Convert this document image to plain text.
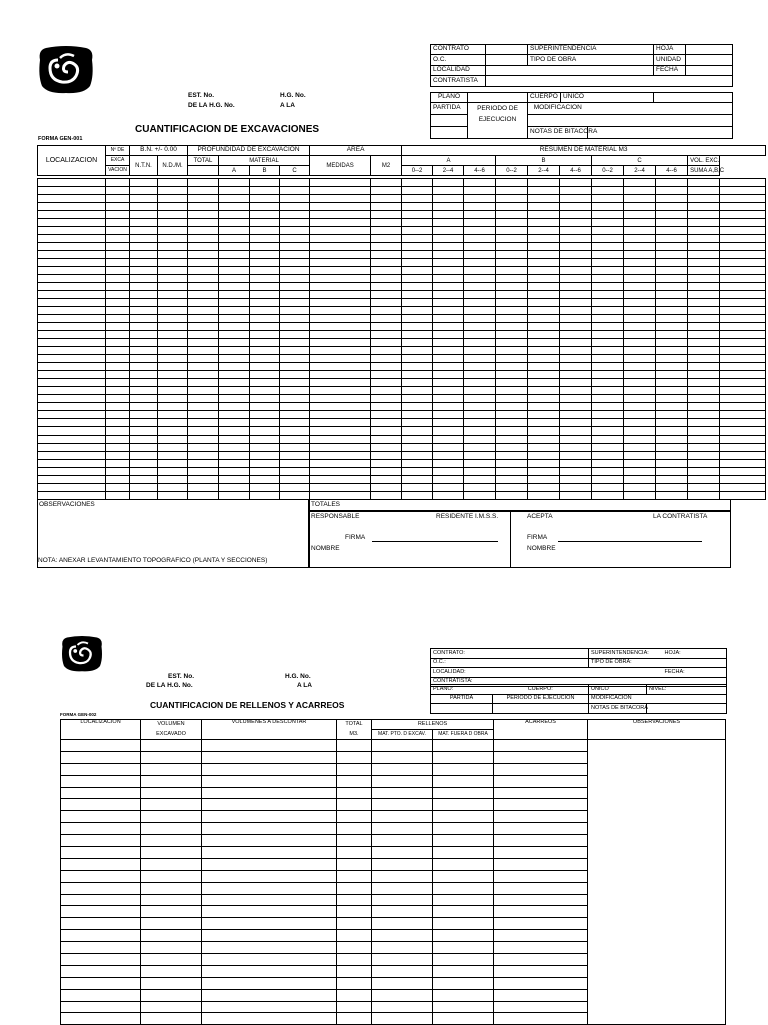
EST. No.
DE LA H.G. No.
H.G. No.
A LA
CUANTIFICACION DE EXCAVACIONES
FORMA GEN-001
CONTRATO		SUPERINTENDENCIA	HOJA	
O.C.		TIPO DE OBRA	UNIDAD	
LOCALIDAD			FECHA	
CONTRATISTA				
PLANO		CUERPO	UNICO	
PARTIDA	PERIODO DE	MODIFICACION	
	EJECUCION		
		NOTAS DE BITACORA	
LOCALIZACION	Nº DE	B.N. +/- 0.00		PROFUNDIDAD DE EXCAVACION				AREA		RESUMEN DE MATERIAL M3									
	EXCA	N.T.N.	N.D./M.	TOTAL	MATERIAL			MEDIDAS	M2	A			B			C			VOL. EXC.
	VACION				A	B	C			0--2	2--4	4--6	0--2	2--4	4--6	0--2	2--4	4--6	SUMA A,B,C

OBSERVACIONES
NOTA: ANEXAR LEVANTAMIENTO TOPOGRAFICO (PLANTA Y SECCIONES)
TOTALES
RESPONSABLE	RESIDENTE I.M.S.S.	ACEPTA	LA CONTRATISTA
FIRMA
NOMBRE
FIRMA
NOMBRE
EST. No.
DE LA H.G. No.
H.G. No.
A LA
CUANTIFICACION DE RELLENOS Y ACARREOS
FORMA GEN-002
CONTRATO:	SUPERINTENDENCIA:	HOJA:
O.C.:	TIPO DE OBRA:	
LOCALIDAD:		FECHA:
CONTRATISTA:		
PLANO:	CUERPO:	UNICO	NIVEL:
PARTIDA	PERIODO DE EJECUCION	MODIFICACION	
		NOTAS DE BITACORA	
LOCALIZACION	VOLUMEN	VOLUMENES A DESCONTAR	TOTAL	RELLENOS		ACARREOS	OBSERVACIONES
	EXCAVADO		M3.	MAT. PTO. D EXCAV.	MAT. FUERA D OBRA		
